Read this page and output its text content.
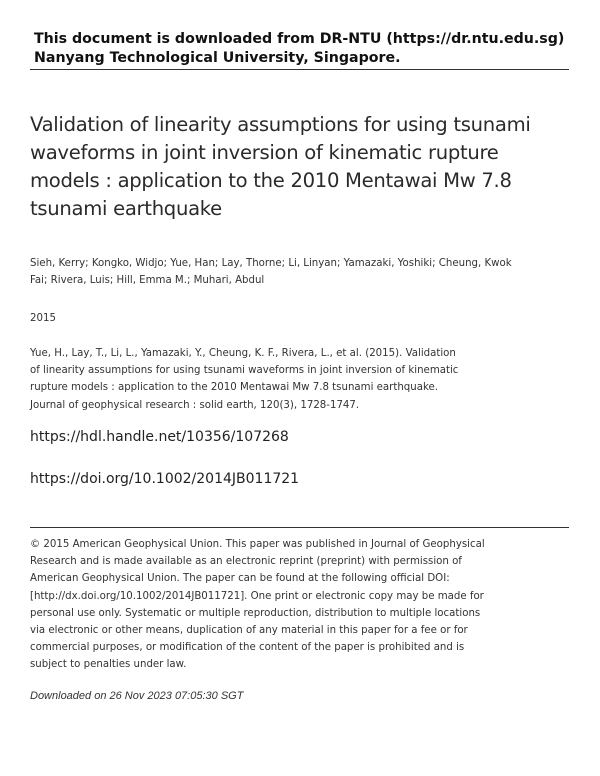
This document is downloaded from DR-NTU (https://dr.ntu.edu.sg)
Nanyang Technological University, Singapore.
Validation of linearity assumptions for using tsunami waveforms in joint inversion of kinematic rupture models : application to the 2010 Mentawai Mw 7.8 tsunami earthquake
Sieh, Kerry; Kongko, Widjo; Yue, Han; Lay, Thorne; Li, Linyan; Yamazaki, Yoshiki; Cheung, Kwok Fai; Rivera, Luis; Hill, Emma M.; Muhari, Abdul
2015
Yue, H., Lay, T., Li, L., Yamazaki, Y., Cheung, K. F., Rivera, L., et al. (2015). Validation of linearity assumptions for using tsunami waveforms in joint inversion of kinematic rupture models : application to the 2010 Mentawai Mw 7.8 tsunami earthquake. Journal of geophysical research : solid earth, 120(3), 1728-1747.
https://hdl.handle.net/10356/107268
https://doi.org/10.1002/2014JB011721
© 2015 American Geophysical Union. This paper was published in Journal of Geophysical Research and is made available as an electronic reprint (preprint) with permission of American Geophysical Union. The paper can be found at the following official DOI: [http://dx.doi.org/10.1002/2014JB011721]. One print or electronic copy may be made for personal use only. Systematic or multiple reproduction, distribution to multiple locations via electronic or other means, duplication of any material in this paper for a fee or for commercial purposes, or modification of the content of the paper is prohibited and is subject to penalties under law.
Downloaded on 26 Nov 2023 07:05:30 SGT
